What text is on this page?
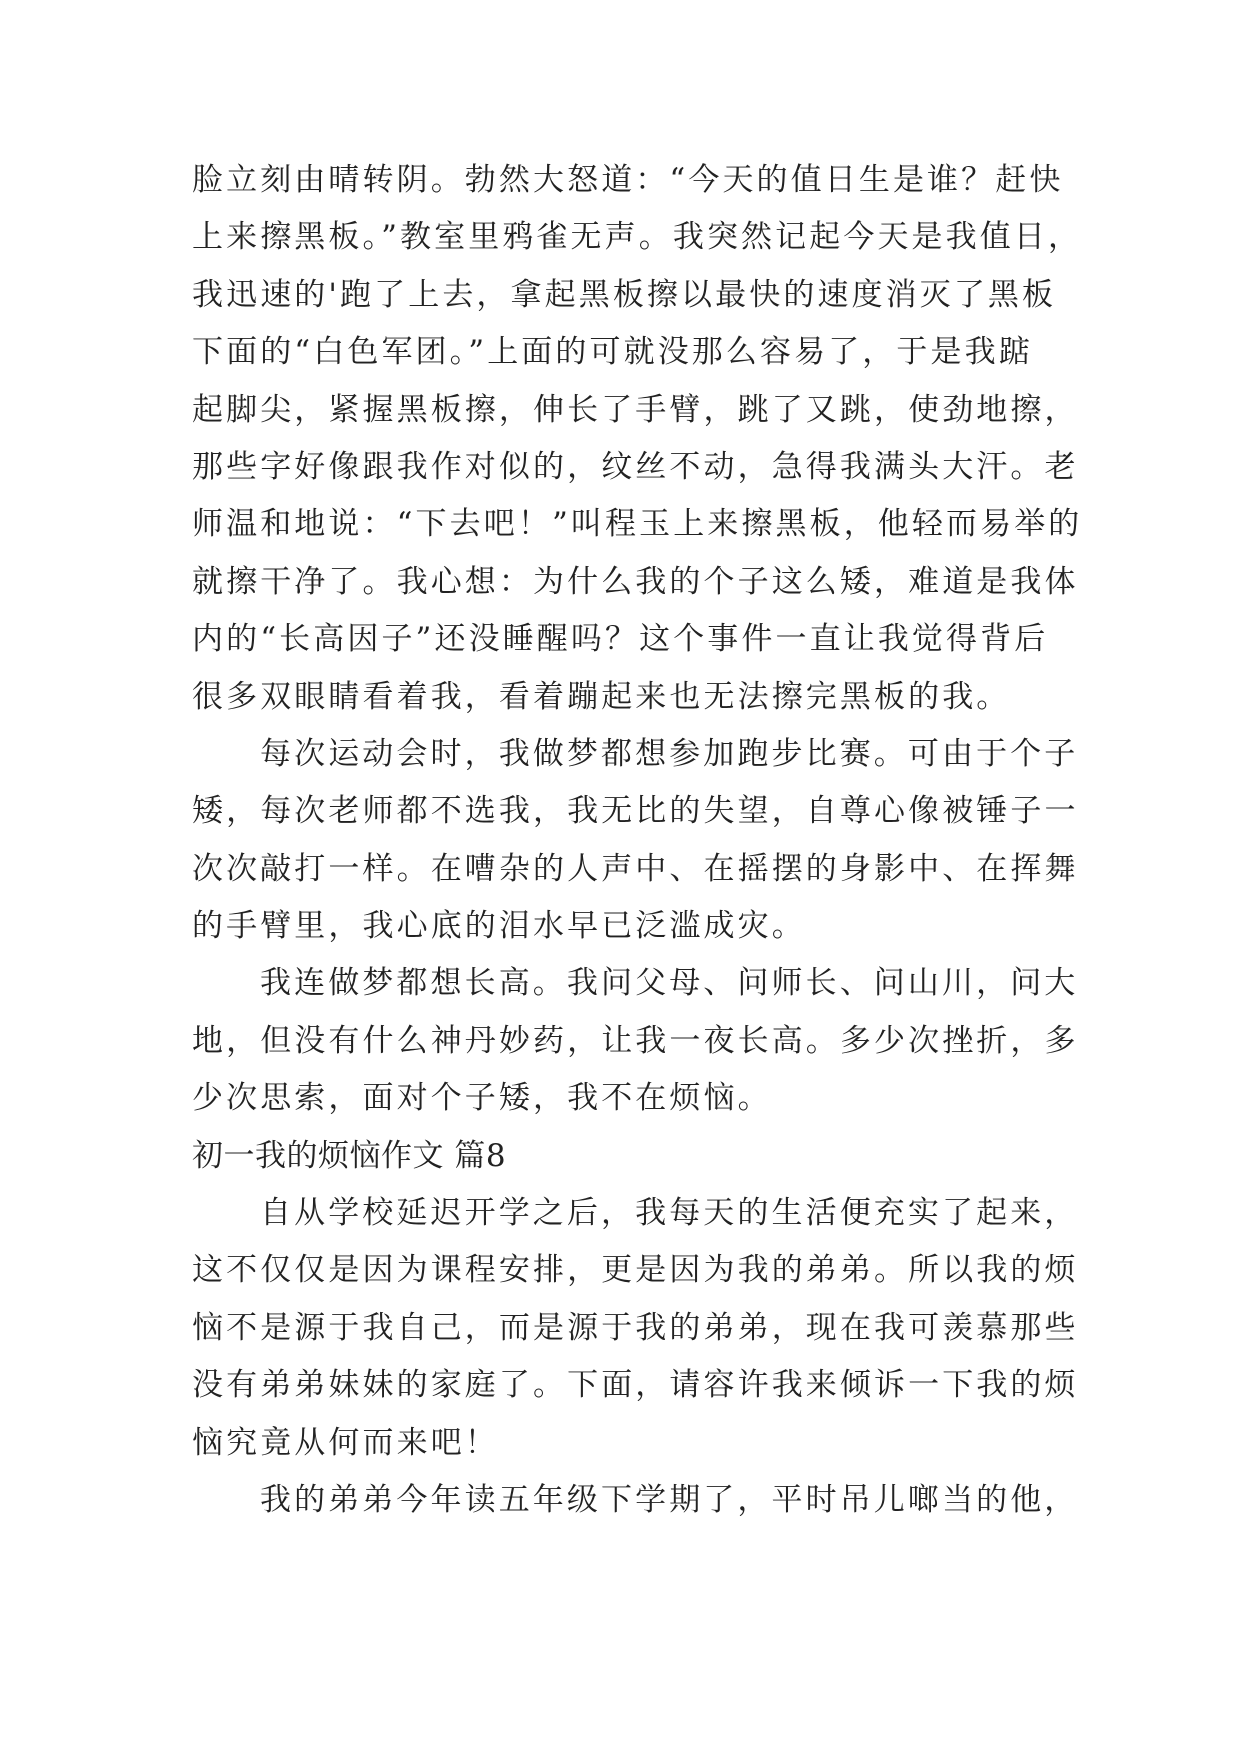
脸立刻由晴转阴。勃然大怒道：“今天的值日生是谁？赶快
上来擦黑板。”教室里鸦雀无声。我突然记起今天是我值日，
我迅速的'跑了上去，拿起黑板擦以最快的速度消灭了黑板
下面的“白色军团。”上面的可就没那么容易了，于是我踮
起脚尖，紧握黑板擦，伸长了手臂，跳了又跳，使劲地擦，
那些字好像跟我作对似的，纹丝不动，急得我满头大汗。老
师温和地说：“下去吧！”叫程玉上来擦黑板，他轻而易举的
就擦干净了。我心想：为什么我的个子这么矮，难道是我体
内的“长高因子”还没睡醒吗？这个事件一直让我觉得背后
很多双眼睛看着我，看着蹦起来也无法擦完黑板的我。
每次运动会时，我做梦都想参加跑步比赛。可由于个子
矮，每次老师都不选我，我无比的失望，自尊心像被锤子一
次次敲打一样。在嘈杂的人声中、在摇摆的身影中、在挥舞
的手臂里，我心底的泪水早已泛滥成灾。
我连做梦都想长高。我问父母、问师长、问山川，问大
地，但没有什么神丹妙药，让我一夜长高。多少次挫折，多
少次思索，面对个子矮，我不在烦恼。
初一我的烦恼作文 篇8
自从学校延迟开学之后，我每天的生活便充实了起来，
这不仅仅是因为课程安排，更是因为我的弟弟。所以我的烦
恼不是源于我自己，而是源于我的弟弟，现在我可羡慕那些
没有弟弟妹妹的家庭了。下面，请容许我来倾诉一下我的烦
恼究竟从何而来吧！
我的弟弟今年读五年级下学期了，平时吊儿啷当的他，
